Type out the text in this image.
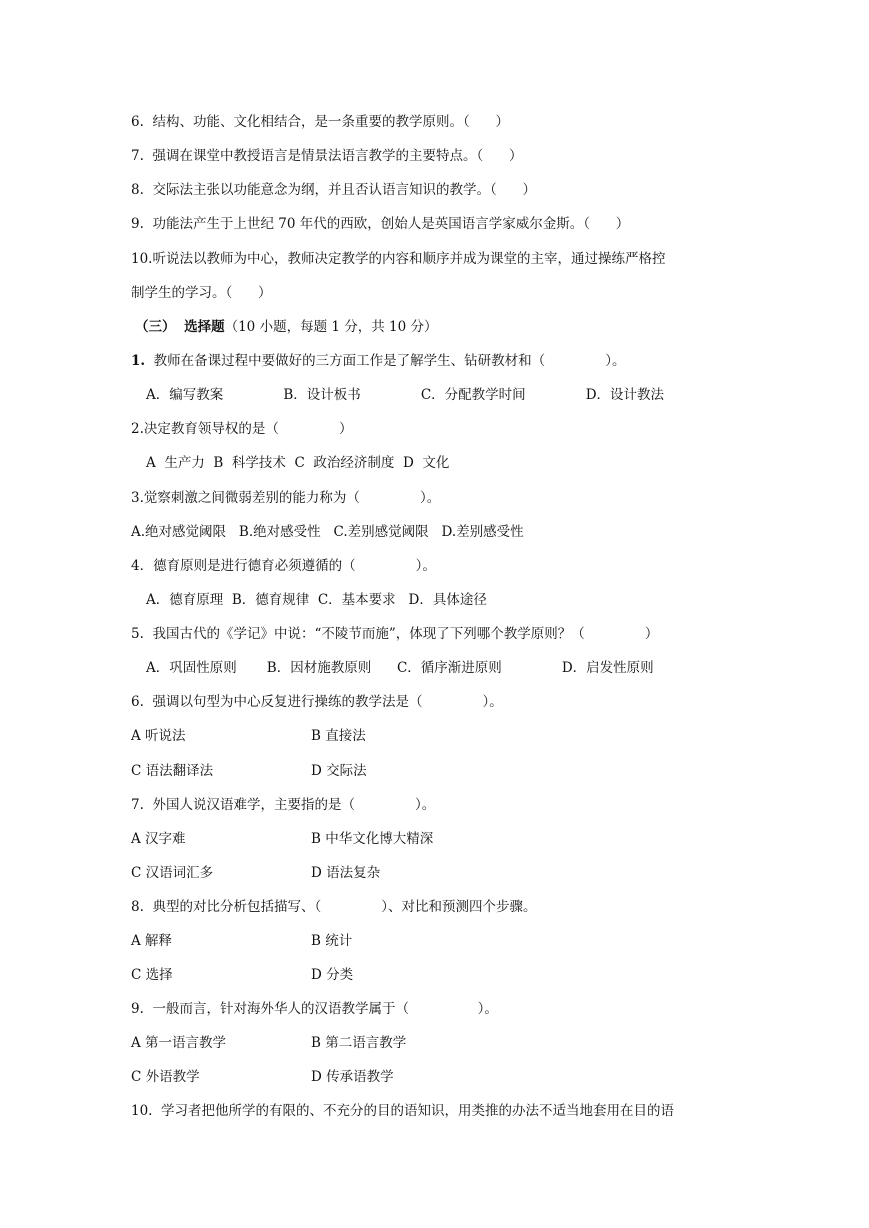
6.  结构、功能、文化相结合，是一条重要的教学原则。（      ）
7.  强调在课堂中教授语言是情景法语言教学的主要特点。（      ）
8.  交际法主张以功能意念为纲，并且否认语言知识的教学。（      ）
9.  功能法产生于上世纪 70 年代的西欧，创始人是英国语言学家威尔金斯。（      ）
10.听说法以教师为中心，教师决定教学的内容和顺序并成为课堂的主宰，通过操练严格控
制学生的学习。（      ）
（三） 选择题（10 小题，每题 1 分，共 10 分）
1.  教师在备课过程中要做好的三方面工作是了解学生、钻研教材和（              ）。
A．编写教案              B．设计板书              C．分配教学时间              D．设计教法
2.决定教育领导权的是（              ）
A  生产力  B  科学技术  C  政治经济制度  D  文化
3.觉察刺激之间微弱差别的能力称为（              ）。
A.绝对感觉阈限   B.绝对感受性   C.差别感觉阈限   D.差别感受性
4．德育原则是进行德育必须遵循的（              ）。
A．德育原理  B．德育规律  C．基本要求   D．具体途径
5.  我国古代的《学记》中说：“不陵节而施”，体现了下列哪个教学原则？（              ）
A．巩固性原则       B．因材施教原则      C．循序渐进原则              D．启发性原则
6.  强调以句型为中心反复进行操练的教学法是（              ）。
A 听说法	B 直接法
C 语法翻译法	D 交际法
7.  外国人说汉语难学，主要指的是（              ）。
A 汉字难	B 中华文化博大精深
C 汉语词汇多	D 语法复杂
8.  典型的对比分析包括描写、（              ）、对比和预测四个步骤。
A 解释	B 统计
C 选择	D 分类
9.  一般而言，针对海外华人的汉语教学属于（                ）。
A 第一语言教学	B 第二语言教学
C 外语教学	D 传承语教学
10.  学习者把他所学的有限的、不充分的目的语知识，用类推的办法不适当地套用在目的语
